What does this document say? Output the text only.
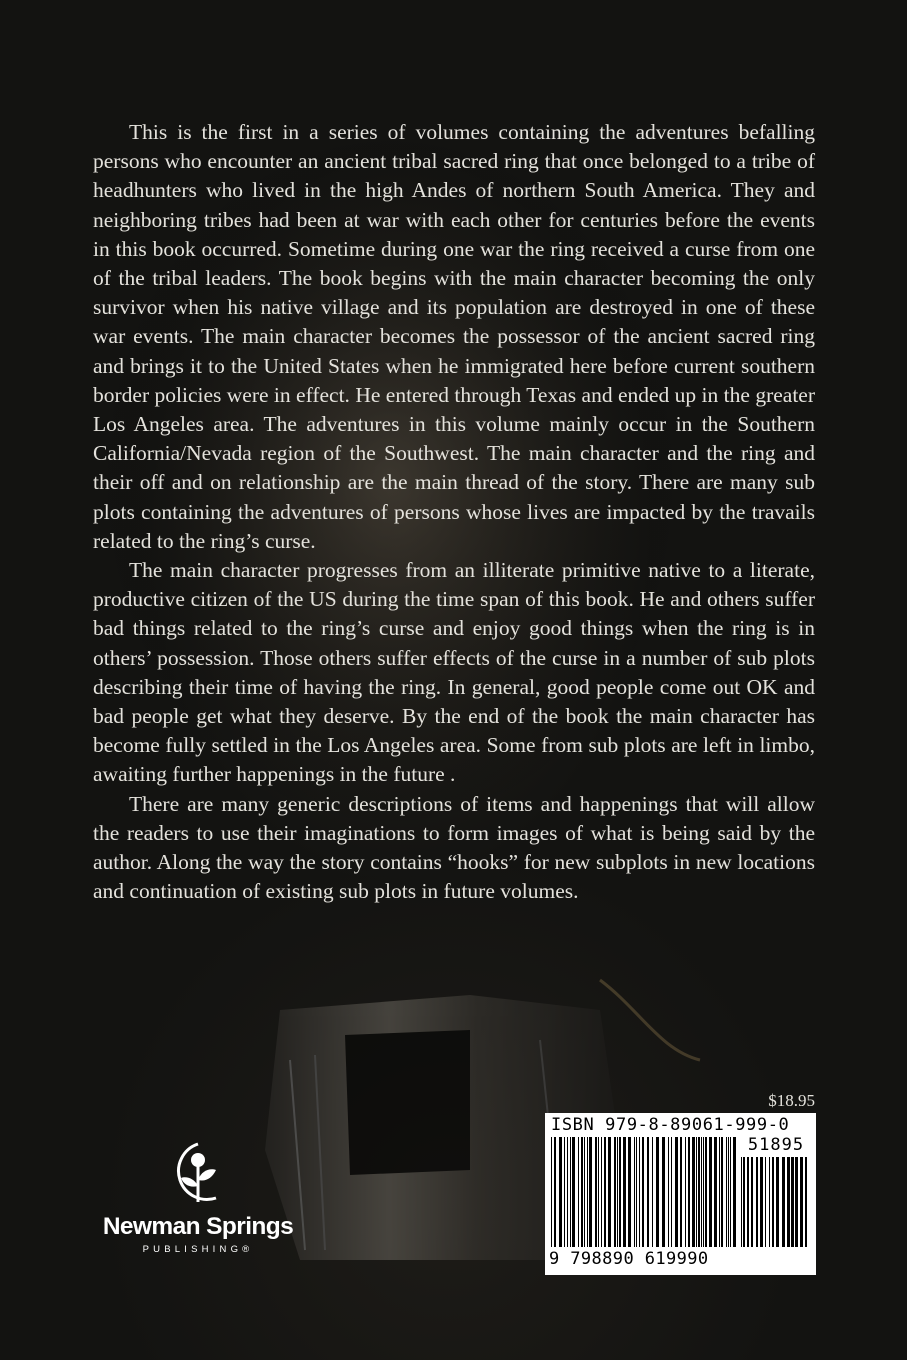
This is the first in a series of volumes containing the adventures befalling persons who encounter an ancient tribal sacred ring that once belonged to a tribe of headhunters who lived in the high Andes of northern South America. They and neighboring tribes had been at war with each other for centuries before the events in this book occurred. Sometime during one war the ring received a curse from one of the tribal leaders. The book begins with the main character becoming the only survivor when his native village and its population are destroyed in one of these war events. The main character becomes the possessor of the ancient sacred ring and brings it to the United States when he immigrated here before current southern border policies were in effect. He entered through Texas and ended up in the greater Los Angeles area. The adventures in this volume mainly occur in the Southern California/Nevada region of the Southwest. The main character and the ring and their off and on relationship are the main thread of the story. There are many sub plots containing the adventures of persons whose lives are impacted by the travails related to the ring’s curse.

The main character progresses from an illiterate primitive native to a literate, productive citizen of the US during the time span of this book. He and others suffer bad things related to the ring’s curse and enjoy good things when the ring is in others’ possession. Those others suffer effects of the curse in a number of sub plots describing their time of having the ring. In general, good people come out OK and bad people get what they deserve. By the end of the book the main character has become fully settled in the Los Angeles area. Some from sub plots are left in limbo, awaiting further happenings in the future .

There are many generic descriptions of items and happenings that will allow the readers to use their imaginations to form images of what is being said by the author. Along the way the story contains “hooks” for new subplots in new locations and continuation of existing sub plots in future volumes.

$18.95
ISBN 979-8-89061-999-0
51895
9 798890 619990
Newman Springs
PUBLISHING®
